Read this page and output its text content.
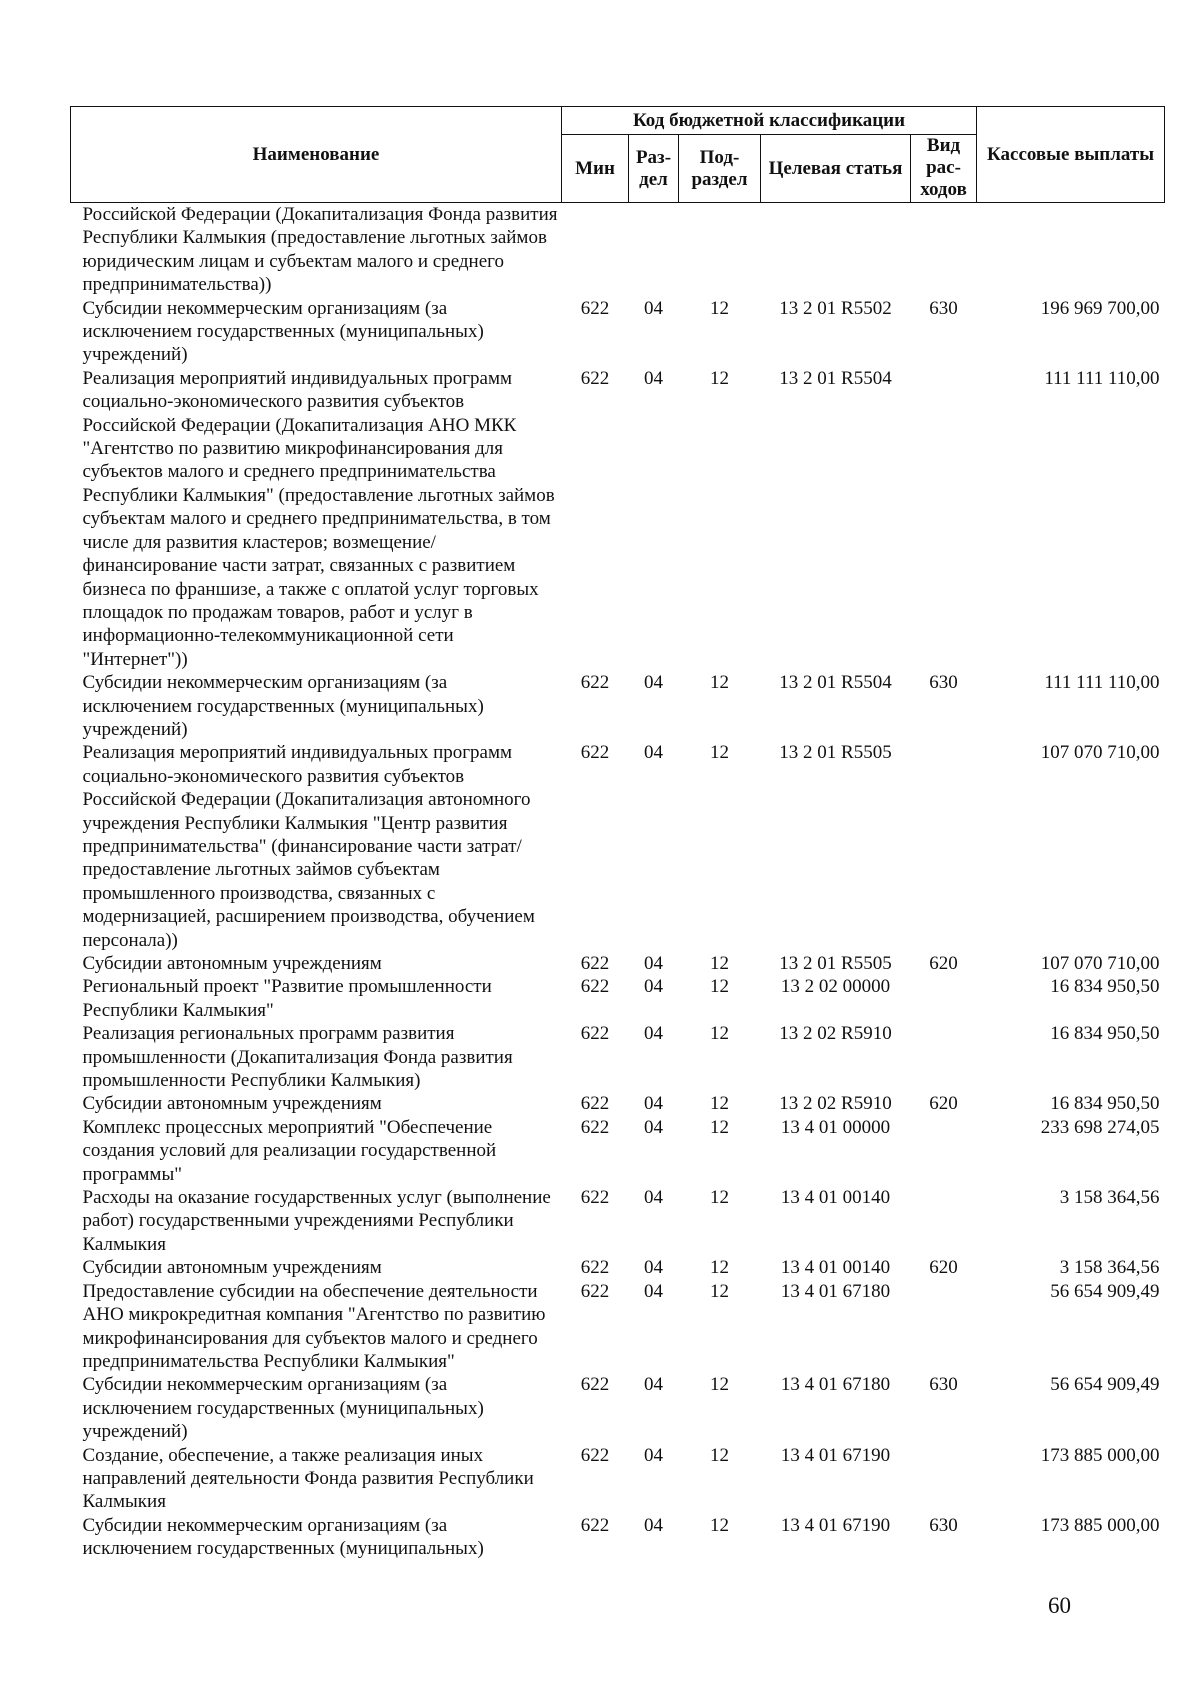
Наименование	Код бюджетной классификации					Кассовые выплаты
	Мин	Раз- дел	Под- раздел	Целевая статья	Вид рас- ходов	
Российской Федерации (Докапитализация Фонда развития Республики Калмыкия (предоставление льготных займов юридическим лицам и субъектам малого и среднего предпринимательства))						
Субсидии некоммерческим организациям (за исключением государственных (муниципальных) учреждений)	622	04	12	13 2 01 R5502	630	196 969 700,00
Реализация мероприятий индивидуальных программ социально-экономического развития субъектов Российской Федерации (Докапитализация АНО МКК "Агентство по развитию микрофинансирования для субъектов малого и среднего предпринимательства Республики Калмыкия" (предоставление льготных займов субъектам малого и среднего предпринимательства, в том числе для развития кластеров; возмещение/финансирование части затрат, связанных с развитием бизнеса по франшизе, а также с оплатой услуг торговых площадок по продажам товаров, работ и услуг в информационно-телекоммуникационной сети "Интернет"))	622	04	12	13 2 01 R5504		111 111 110,00
Субсидии некоммерческим организациям (за исключением государственных (муниципальных) учреждений)	622	04	12	13 2 01 R5504	630	111 111 110,00
Реализация мероприятий индивидуальных программ социально-экономического развития субъектов Российской Федерации (Докапитализация автономного учреждения Республики Калмыкия "Центр развития предпринимательства" (финансирование части затрат/предоставление льготных займов субъектам промышленного производства, связанных с модернизацией, расширением производства, обучением персонала))	622	04	12	13 2 01 R5505		107 070 710,00
Субсидии автономным учреждениям	622	04	12	13 2 01 R5505	620	107 070 710,00
Региональный проект "Развитие промышленности Республики Калмыкия"	622	04	12	13 2 02 00000		16 834 950,50
Реализация региональных программ развития промышленности (Докапитализация Фонда развития промышленности Республики Калмыкия)	622	04	12	13 2 02 R5910		16 834 950,50
Субсидии автономным учреждениям	622	04	12	13 2 02 R5910	620	16 834 950,50
Комплекс процессных мероприятий "Обеспечение создания условий для реализации государственной программы"	622	04	12	13 4 01 00000		233 698 274,05
Расходы на оказание государственных услуг (выполнение работ) государственными учреждениями Республики Калмыкия	622	04	12	13 4 01 00140		3 158 364,56
Субсидии автономным учреждениям	622	04	12	13 4 01 00140	620	3 158 364,56
Предоставление субсидии на обеспечение деятельности АНО микрокредитная компания "Агентство по развитию микрофинансирования для субъектов малого и среднего предпринимательства Республики Калмыкия"	622	04	12	13 4 01 67180		56 654 909,49
Субсидии некоммерческим организациям (за исключением государственных (муниципальных) учреждений)	622	04	12	13 4 01 67180	630	56 654 909,49
Создание, обеспечение, а также реализация иных направлений деятельности Фонда развития Республики Калмыкия	622	04	12	13 4 01 67190		173 885 000,00
Субсидии некоммерческим организациям (за исключением государственных (муниципальных)	622	04	12	13 4 01 67190	630	173 885 000,00
60
